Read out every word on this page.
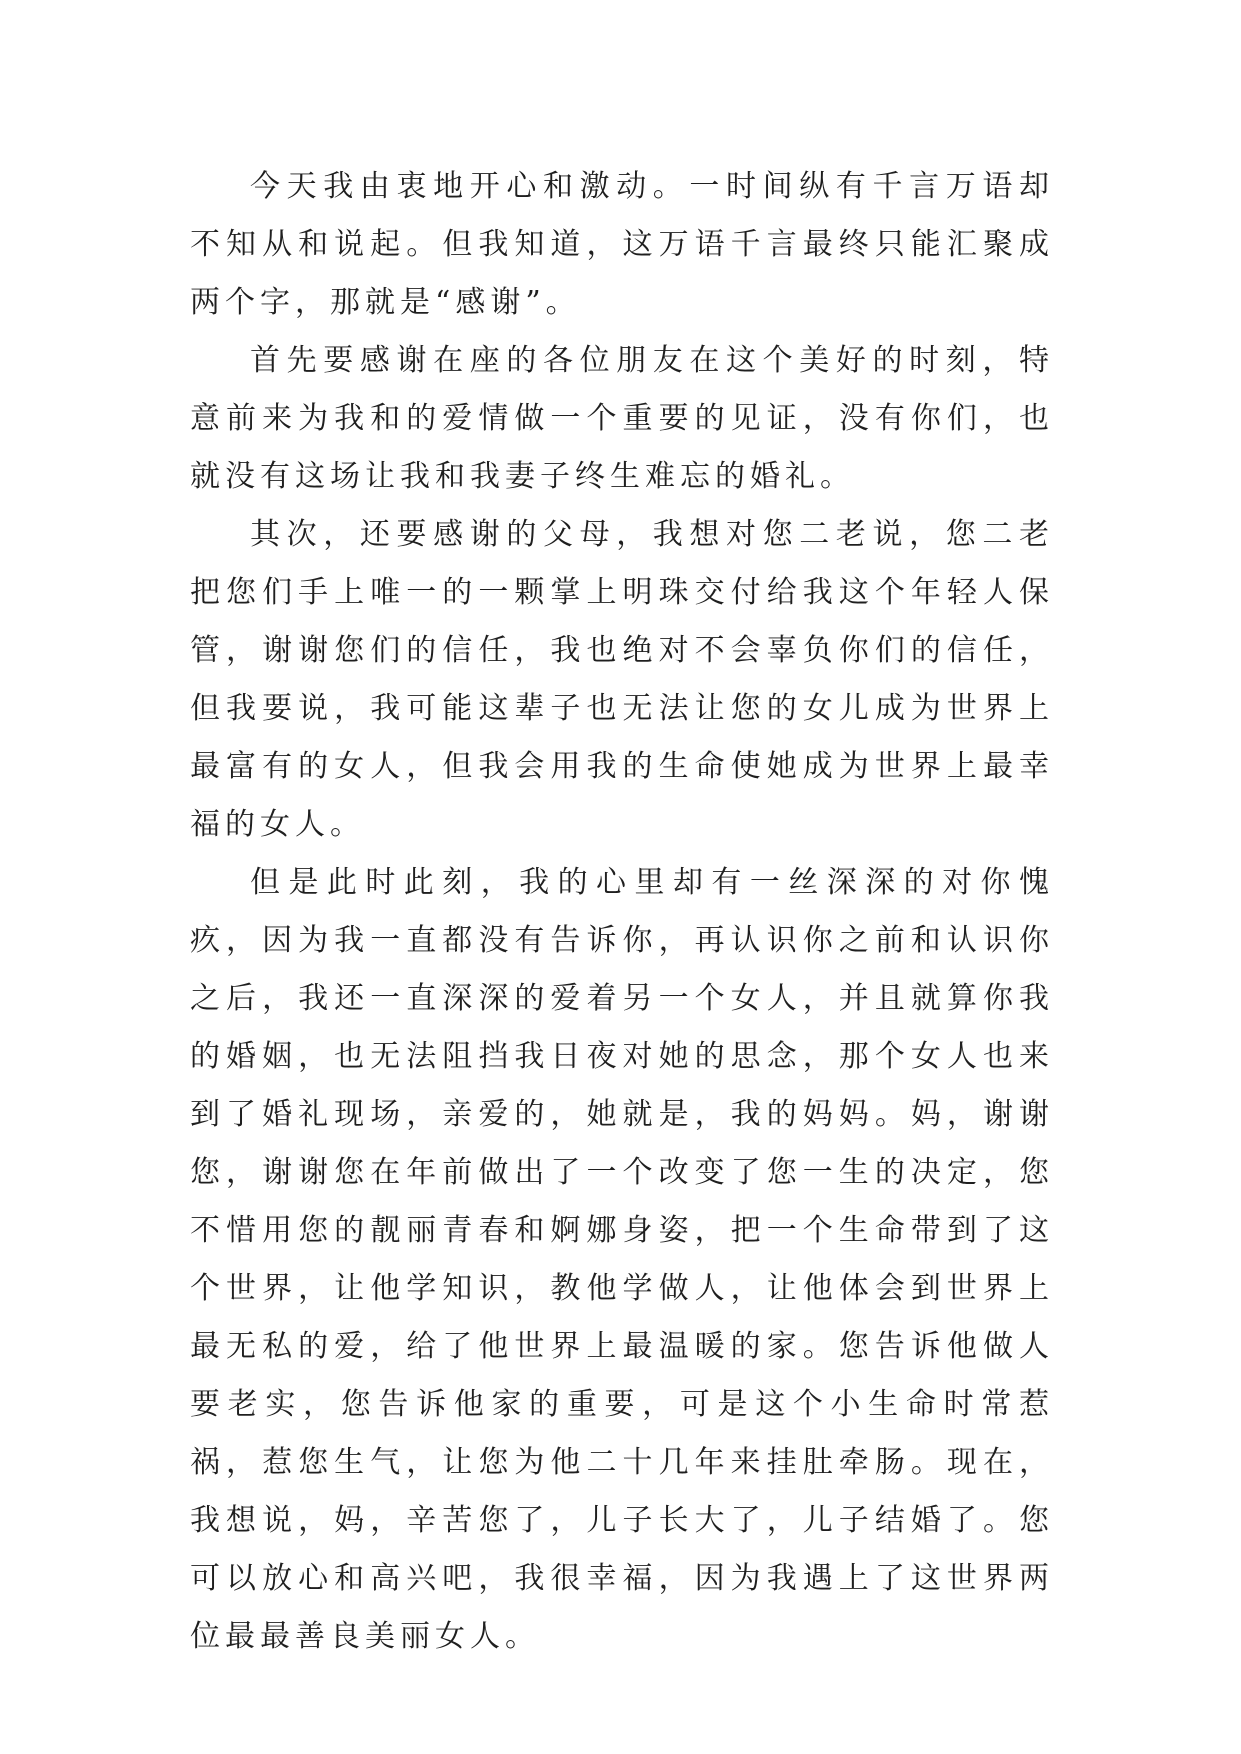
今天我由衷地开心和激动。一时间纵有千言万语却不知从和说起。但我知道，这万语千言最终只能汇聚成两个字，那就是“感谢”。

首先要感谢在座的各位朋友在这个美好的时刻，特意前来为我和的爱情做一个重要的见证，没有你们，也就没有这场让我和我妻子终生难忘的婚礼。

其次，还要感谢的父母，我想对您二老说，您二老把您们手上唯一的一颗掌上明珠交付给我这个年轻人保管，谢谢您们的信任，我也绝对不会辜负你们的信任，但我要说，我可能这辈子也无法让您的女儿成为世界上最富有的女人，但我会用我的生命使她成为世界上最幸福的女人。

但是此时此刻，我的心里却有一丝深深的对你愧疚，因为我一直都没有告诉你，再认识你之前和认识你之后，我还一直深深的爱着另一个女人，并且就算你我的婚姻，也无法阻挡我日夜对她的思念，那个女人也来到了婚礼现场，亲爱的，她就是，我的妈妈。妈，谢谢您，谢谢您在年前做出了一个改变了您一生的决定，您不惜用您的靓丽青春和婀娜身姿，把一个生命带到了这个世界，让他学知识，教他学做人，让他体会到世界上最无私的爱，给了他世界上最温暖的家。您告诉他做人要老实，您告诉他家的重要，可是这个小生命时常惹祸，惹您生气，让您为他二十几年来挂肚牵肠。现在，我想说，妈，辛苦您了，儿子长大了，儿子结婚了。您可以放心和高兴吧，我很幸福，因为我遇上了这世界两位最最善良美丽女人。
